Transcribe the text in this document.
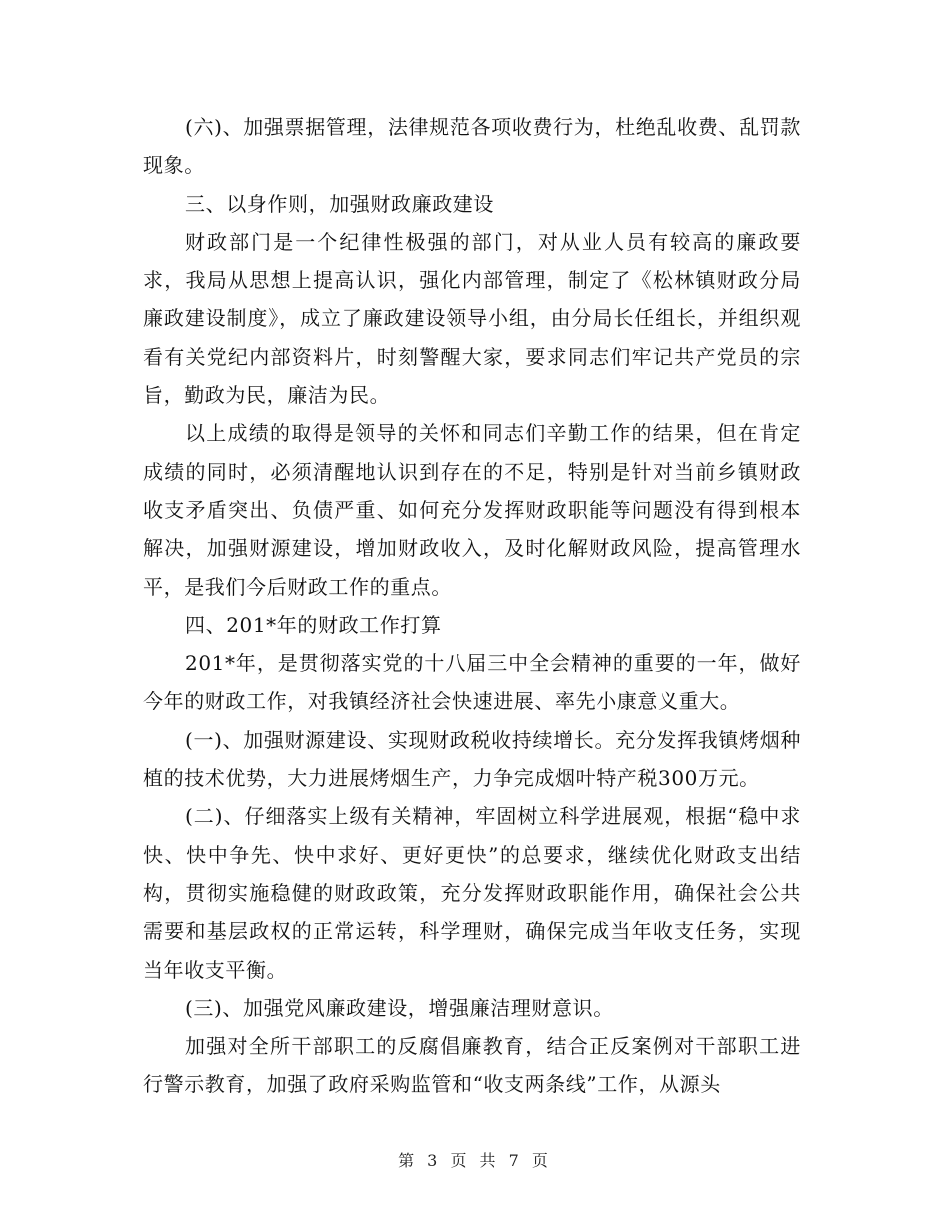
(六)、加强票据管理，法律规范各项收费行为，杜绝乱收费、乱罚款现象。

三、以身作则，加强财政廉政建设

财政部门是一个纪律性极强的部门，对从业人员有较高的廉政要求，我局从思想上提高认识，强化内部管理，制定了《松林镇财政分局廉政建设制度》，成立了廉政建设领导小组，由分局长任组长，并组织观看有关党纪内部资料片，时刻警醒大家，要求同志们牢记共产党员的宗旨，勤政为民，廉洁为民。

以上成绩的取得是领导的关怀和同志们辛勤工作的结果，但在肯定成绩的同时，必须清醒地认识到存在的不足，特别是针对当前乡镇财政收支矛盾突出、负债严重、如何充分发挥财政职能等问题没有得到根本解决，加强财源建设，增加财政收入，及时化解财政风险，提高管理水平，是我们今后财政工作的重点。

四、201*年的财政工作打算

201*年，是贯彻落实党的十八届三中全会精神的重要的一年，做好今年的财政工作，对我镇经济社会快速进展、率先小康意义重大。

(一)、加强财源建设、实现财政税收持续增长。充分发挥我镇烤烟种植的技术优势，大力进展烤烟生产，力争完成烟叶特产税300万元。

(二)、仔细落实上级有关精神，牢固树立科学进展观，根据“稳中求快、快中争先、快中求好、更好更快”的总要求，继续优化财政支出结构，贯彻实施稳健的财政政策，充分发挥财政职能作用，确保社会公共需要和基层政权的正常运转，科学理财，确保完成当年收支任务，实现当年收支平衡。

(三)、加强党风廉政建设，增强廉洁理财意识。

加强对全所干部职工的反腐倡廉教育，结合正反案例对干部职工进行警示教育，加强了政府采购监管和“收支两条线”工作，从源头

第 3 页 共 7 页
